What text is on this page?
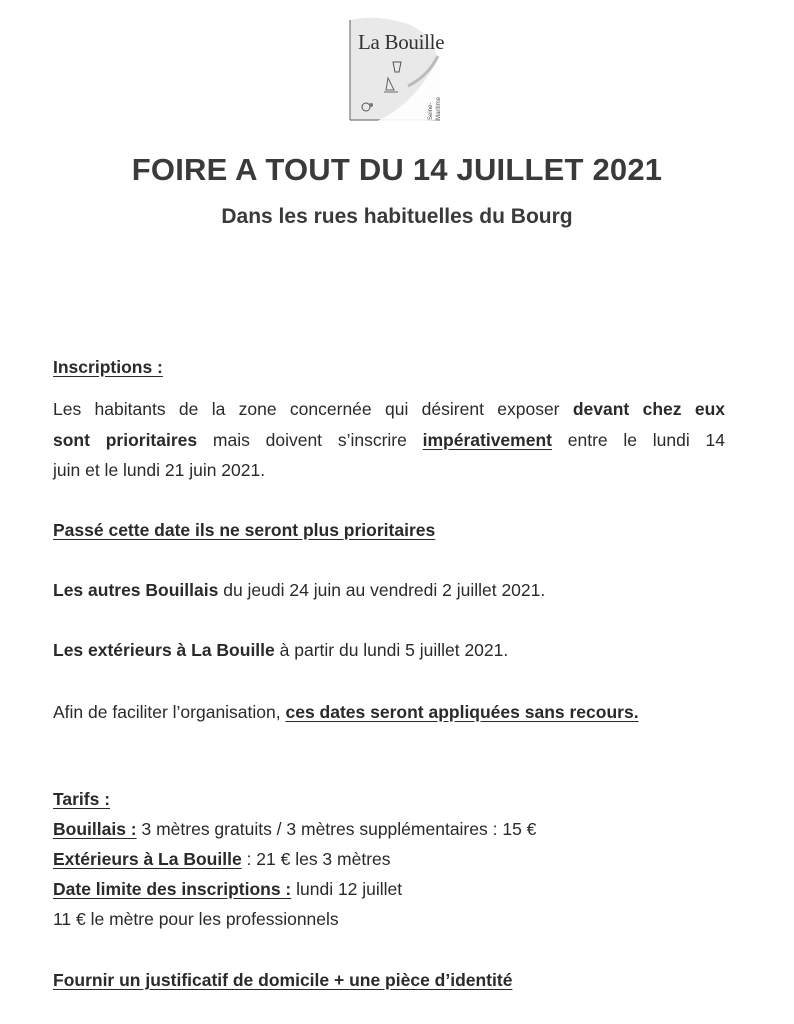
La Bouille
Seine- Maritime
FOIRE A TOUT DU 14 JUILLET 2021
Dans les rues habituelles du Bourg
Inscriptions :
Les habitants de la zone concernée qui désirent exposer devant chez eux
sont prioritaires mais doivent s’inscrire impérativement entre le lundi 14
juin et le lundi 21 juin 2021.
Passé cette date ils ne seront plus prioritaires
Les autres Bouillais du jeudi 24 juin au vendredi 2 juillet 2021.
Les extérieurs à La Bouille à partir du lundi 5 juillet 2021.
Afin de faciliter l’organisation, ces dates seront appliquées sans recours.
Tarifs :
Bouillais : 3 mètres gratuits / 3 mètres supplémentaires : 15 €
Extérieurs à La Bouille : 21 € les 3 mètres
Date limite des inscriptions : lundi 12 juillet
11 € le mètre pour les professionnels
Fournir un justificatif de domicile + une pièce d’identité
